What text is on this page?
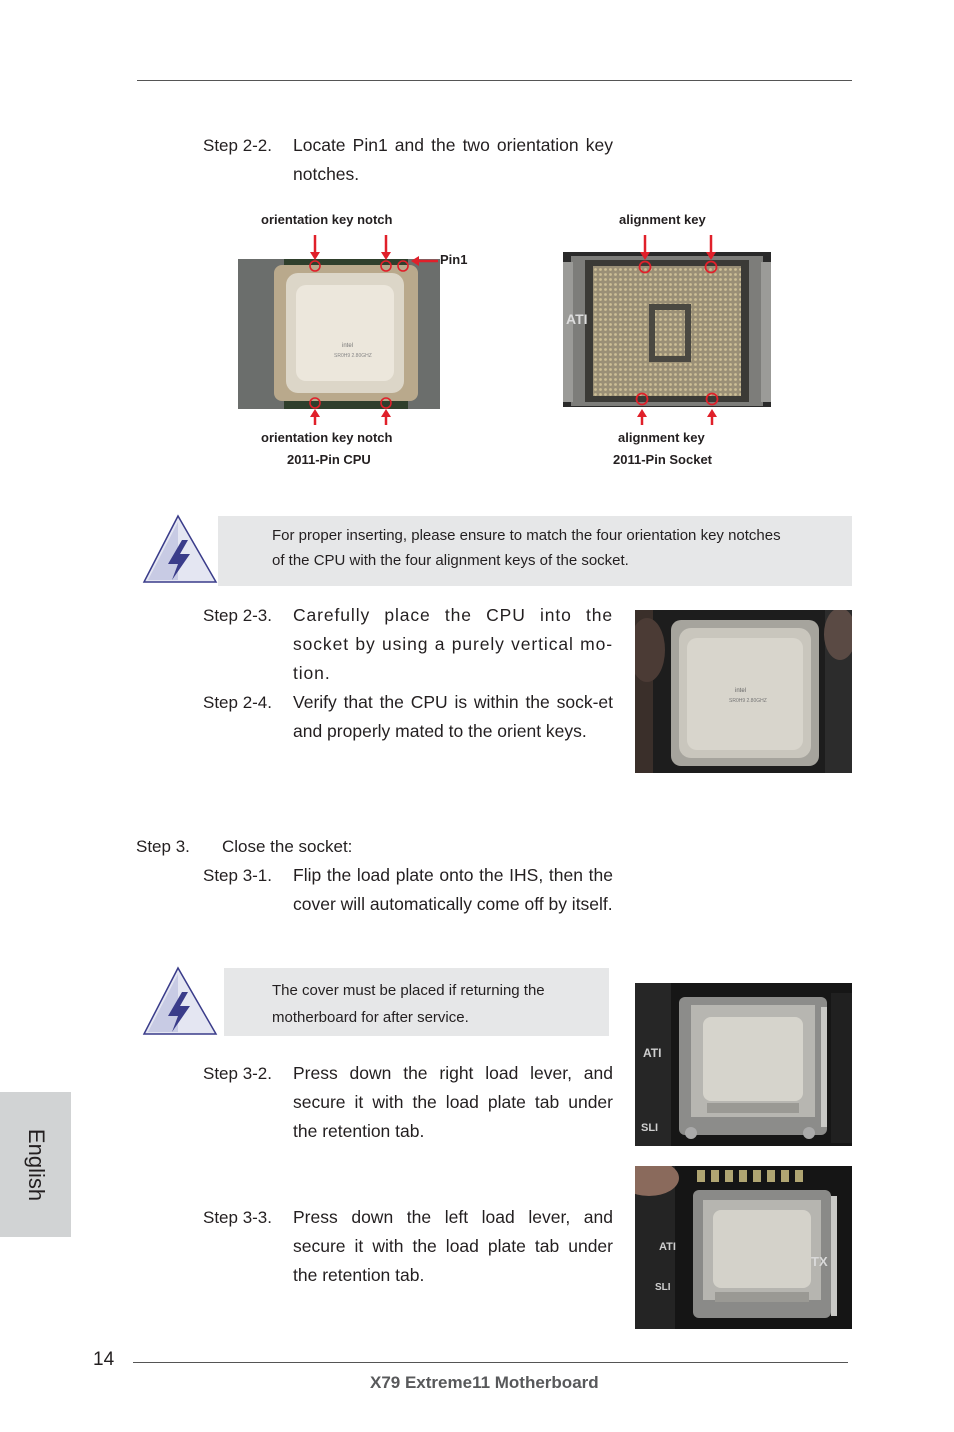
Step 2-2. Locate Pin1 and the two orientation key notches.
orientation key notch
Pin1
intel
SR0H9 2.80GHZ
orientation key notch
2011-Pin CPU
alignment key
ATI
alignment key
2011-Pin Socket
For proper inserting, please ensure to match the four orientation key notches of the CPU with the four alignment keys of the socket.
Step 2-3. Carefully place the CPU into the socket by using a purely vertical mo-tion.
Step 2-4. Verify that the CPU is within the sock-et and properly mated to the orient keys.
intel
SR0H9 2.80GHZ
Step 3. Close the socket:
Step 3-1. Flip the load plate onto the IHS, then the cover will automatically come off by itself.
The cover must be placed if returning the motherboard for after service.
ATI
SLI
Step 3-2. Press down the right load lever, and secure it with the load plate tab under the retention tab.
ATI
SLI
TX
Step 3-3. Press down the left load lever, and secure it with the load plate tab under the retention tab.
English
14
X79 Extreme11 Motherboard
